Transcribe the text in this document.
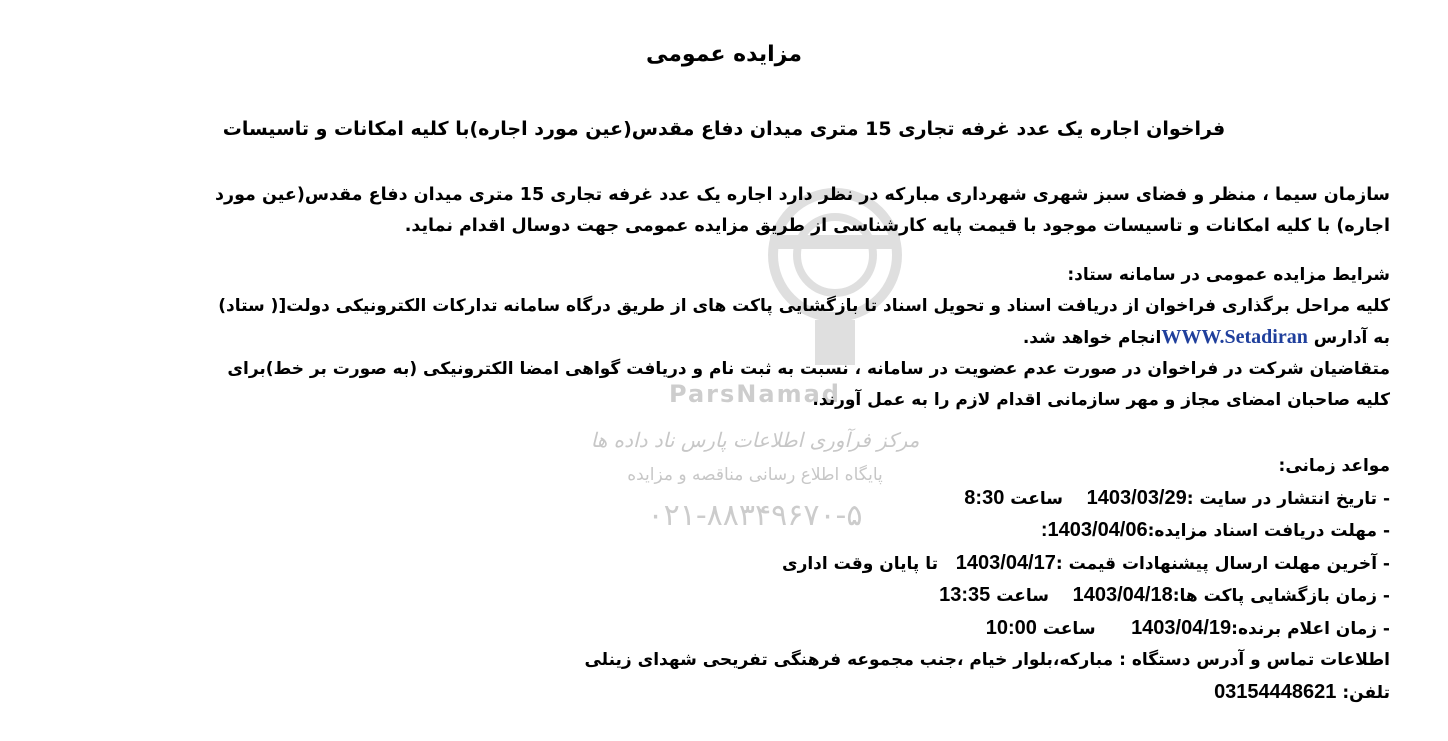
ParsNamad
مرکز فرآوری اطلاعات پارس ناد داده ها
پایگاه اطلاع رسانی مناقصه و مزایده
۰۲۱-۸۸۳۴۹۶۷۰-۵
مزایده عمومی
فراخوان اجاره یک عدد غرفه تجاری 15 متری میدان دفاع مقدس(عین مورد اجاره)با کلیه امکانات و تاسیسات

سازمان سیما ، منظر و فضای سبز شهری شهرداری مبارکه در نظر دارد اجاره یک عدد غرفه تجاری 15 متری میدان دفاع مقدس(عین مورد

اجاره) با کلیه امکانات و تاسیسات موجود با قیمت پایه کارشناسی از طریق مزایده عمومی جهت دوسال اقدام نماید.

شرایط مزایده عمومی در سامانه ستاد:

کلیه مراحل برگذاری فراخوان از دریافت اسناد و تحویل اسناد تا بازگشایی پاکت های از طریق درگاه سامانه تدارکات الکترونیکی دولت[( ستاد)

به آدارس WWW.Setadiranانجام خواهد شد.

متقاضیان شرکت در فراخوان در صورت عدم عضویت در سامانه ، نسبت به ثبت نام و دریافت گواهی امضا الکترونیکی (به صورت بر خط)برای

کلیه صاحبان امضای مجاز و مهر سازمانی اقدام لازم را به عمل آورند.

مواعد زمانی:

- تاریخ انتشار در سایت :1403/03/29    ساعت 8:30

- مهلت دریافت اسناد مزایده:1403/04/06:

- آخرین مهلت ارسال پیشنهادات قیمت :1403/04/17   تا پایان وقت اداری

- زمان بازگشایی پاکت ها:1403/04/18    ساعت 13:35

- زمان اعلام برنده:1403/04/19      ساعت 10:00

اطلاعات تماس و آدرس دستگاه : مبارکه،بلوار خیام ،جنب مجموعه فرهنگی تفریحی شهدای زینلی

تلفن: 03154448621
